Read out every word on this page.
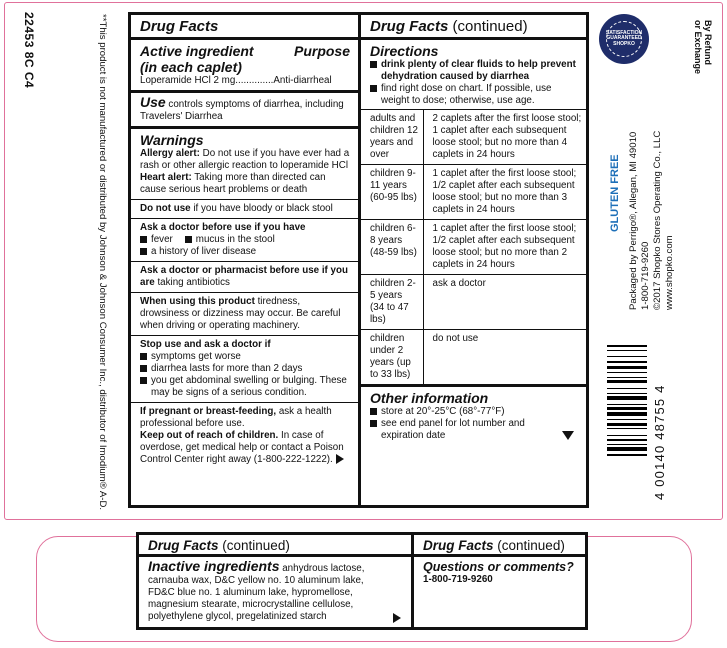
22453 8C C4	**This product is not manufactured or distributed by Johnson & Johnson Consumer Inc., distributor of Imodium® A-D.	SATISFACTION GUARANTEED SHOPKO	By Refund
or Exchange
GLUTEN FREE Packaged by Perrigo®, Allegan, MI 49010 1-800-719-9260 ©2017 Shopko Stores Operating Co., LLC www.shopko.com
4 00140 48755 4
Drug Facts
Active ingredient	Purpose
(in each caplet)
Loperamide HCl 2 mg..............Anti-diarrheal
Use controls symptoms of diarrhea, including Travelers' Diarrhea
Warnings
Allergy alert: Do not use if you have ever had a rash or other allergic reaction to loperamide HCl
Heart alert: Taking more than directed can cause serious heart problems or death
Do not use if you have bloody or black stool
Ask a doctor before use if you have
fever mucus in the stool
a history of liver disease
Ask a doctor or pharmacist before use if you are taking antibiotics
When using this product tiredness, drowsiness or dizziness may occur. Be careful when driving or operating machinery.
Stop use and ask a doctor if
symptoms get worse
diarrhea lasts for more than 2 days
you get abdominal swelling or bulging. These may be signs of a serious condition.
If pregnant or breast-feeding, ask a health professional before use.
Keep out of reach of children. In case of overdose, get medical help or contact a Poison Control Center right away (1-800-222-1222).
Drug Facts (continued)
Directions
drink plenty of clear fluids to help prevent dehydration caused by diarrhea
find right dose on chart. If possible, use weight to dose; otherwise, use age.
adults and children 12 years and over	2 caplets after the first loose stool; 1 caplet after each subsequent loose stool; but no more than 4 caplets in 24 hours
children 9-11 years (60-95 lbs)	1 caplet after the first loose stool; 1/2 caplet after each subsequent loose stool; but no more than 3 caplets in 24 hours
children 6-8 years (48-59 lbs)	1 caplet after the first loose stool; 1/2 caplet after each subsequent loose stool; but no more than 2 caplets in 24 hours
children 2-5 years (34 to 47 lbs)	ask a doctor
children under 2 years (up to 33 lbs)	do not use
Other information
store at 20°-25°C (68°-77°F)
see end panel for lot number and expiration date
Drug Facts (continued)
Inactive ingredients anhydrous lactose, carnauba wax, D&C yellow no. 10 aluminum lake, FD&C blue no. 1 aluminum lake, hypromellose, magnesium stearate, microcrystalline cellulose, polyethylene glycol, pregelatinized starch
Drug Facts (continued)
Questions or comments?
1-800-719-9260
